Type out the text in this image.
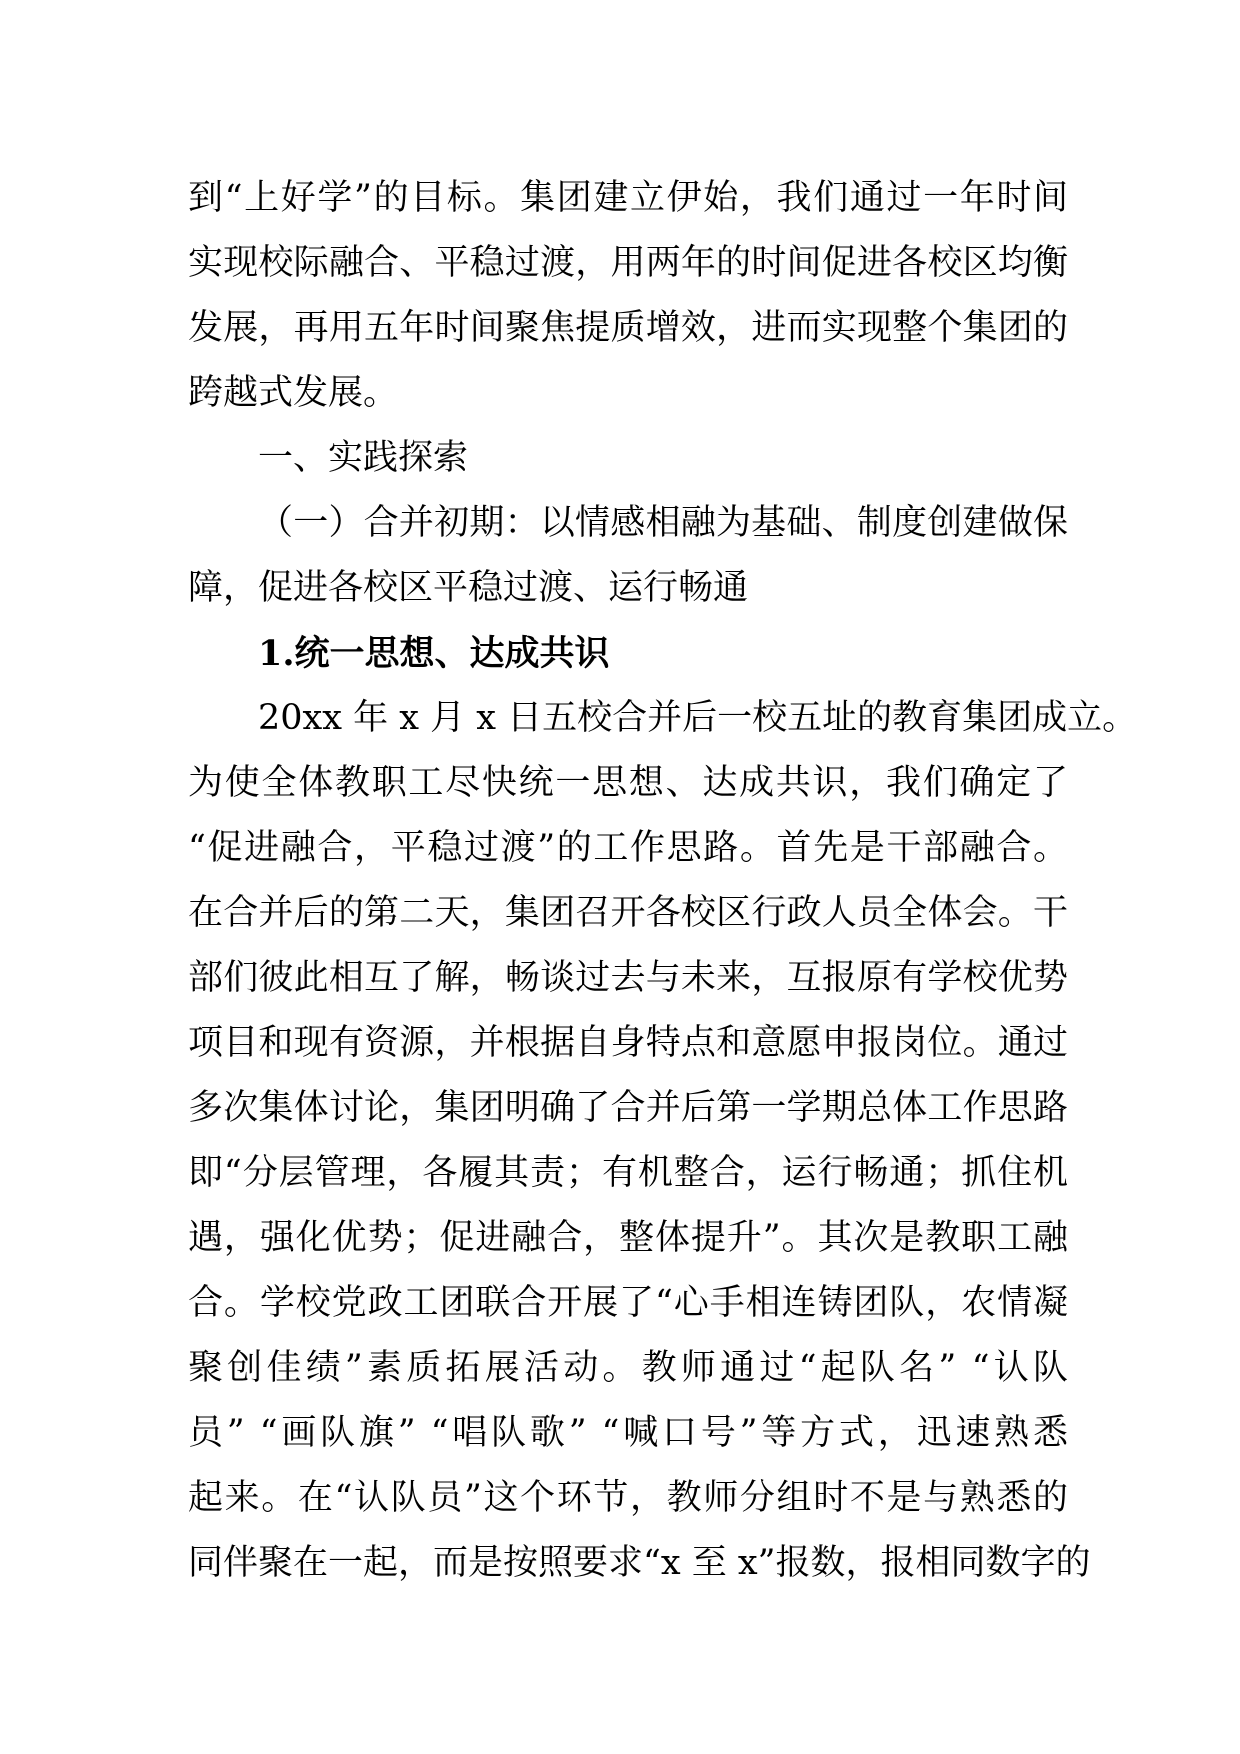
到“上好学”的目标。集团建立伊始，我们通过一年时间
实现校际融合、平稳过渡，用两年的时间促进各校区均衡
发展，再用五年时间聚焦提质增效，进而实现整个集团的
跨越式发展。
一、实践探索
（一）合并初期：以情感相融为基础、制度创建做保
障，促进各校区平稳过渡、运行畅通
1.统一思想、达成共识
20xx 年 x 月 x 日五校合并后一校五址的教育集团成立。
为使全体教职工尽快统一思想、达成共识，我们确定了
“促进融合，平稳过渡”的工作思路。首先是干部融合。
在合并后的第二天，集团召开各校区行政人员全体会。干
部们彼此相互了解，畅谈过去与未来，互报原有学校优势
项目和现有资源，并根据自身特点和意愿申报岗位。通过
多次集体讨论，集团明确了合并后第一学期总体工作思路
即“分层管理，各履其责；有机整合，运行畅通；抓住机
遇，强化优势；促进融合，整体提升”。其次是教职工融
合。学校党政工团联合开展了“心手相连铸团队，农情凝
聚创佳绩”素质拓展活动。教师通过“起队名” “认队
员” “画队旗” “唱队歌” “喊口号”等方式，迅速熟悉
起来。在“认队员”这个环节，教师分组时不是与熟悉的
同伴聚在一起，而是按照要求“x 至 x”报数，报相同数字的
